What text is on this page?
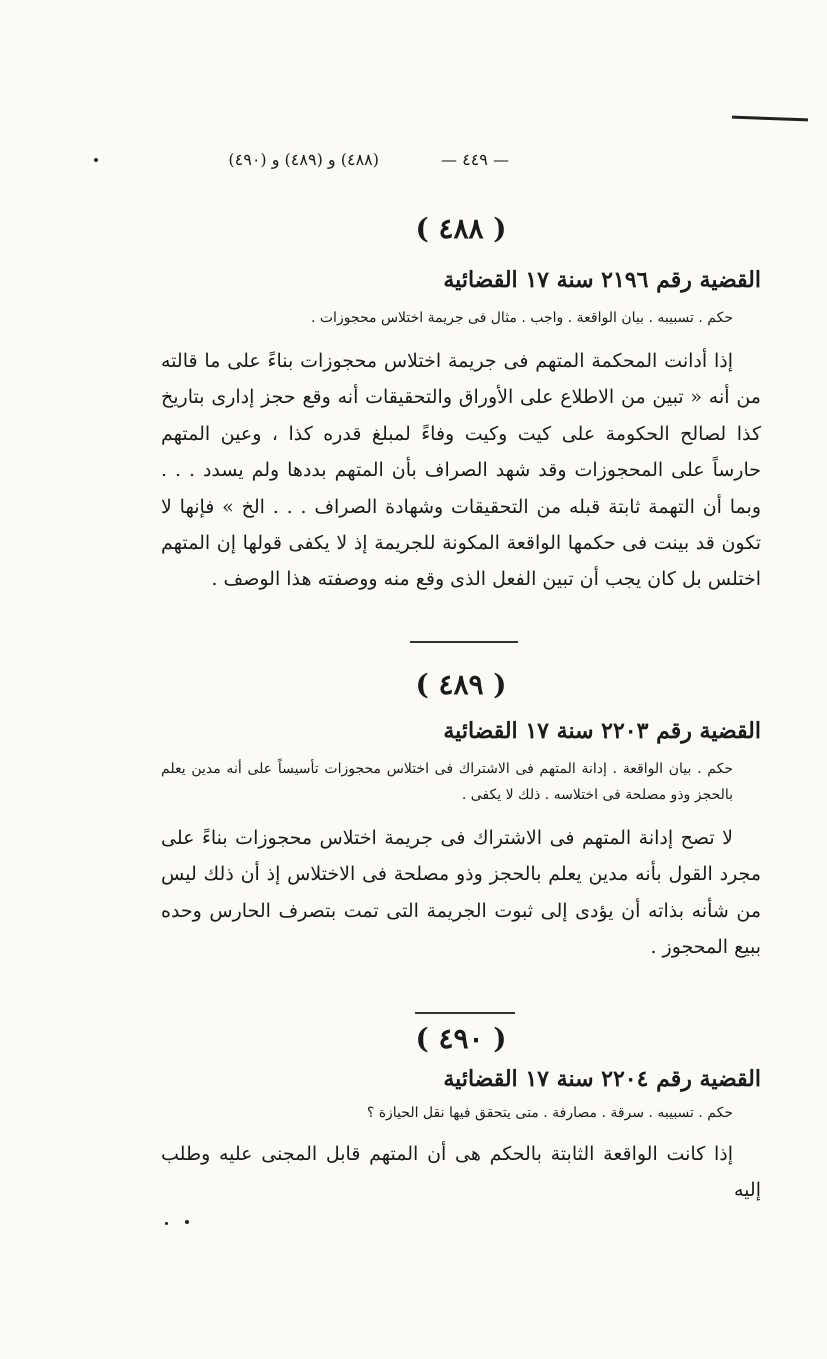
(٤٨٨) و (٤٨٩) و (٤٩٠)	— ٤٤٩ —
( ٤٨٨ )

القضية رقم ٢١٩٦ سنة ١٧ القضائية

حكم . تسبيبه . بيان الواقعة . واجب . مثال فى جريمة اختلاس محجوزات .

إذا أدانت المحكمة المتهم فى جريمة اختلاس محجوزات بناءً على ما قالته من أنه « تبين من الاطلاع على الأوراق والتحقيقات أنه وقع حجز إدارى بتاريخ كذا لصالح الحكومة على كيت وكيت وفاءً لمبلغ قدره كذا ، وعين المتهم حارساً على المحجوزات وقد شهد الصراف بأن المتهم بددها ولم يسدد . . . وبما أن التهمة ثابتة قبله من التحقيقات وشهادة الصراف . . . الخ » فإنها لا تكون قد بينت فى حكمها الواقعة المكونة للجريمة إذ لا يكفى قولها إن المتهم اختلس بل كان يجب أن تبين الفعل الذى وقع منه ووصفته هذا الوصف .

( ٤٨٩ )

القضية رقم ٢٢٠٣ سنة ١٧ القضائية

حكم . بيان الواقعة . إدانة المتهم فى الاشتراك فى اختلاس محجوزات تأسيساً على أنه مدين يعلم بالحجز وذو مصلحة فى اختلاسه . ذلك لا يكفى .

لا تصح إدانة المتهم فى الاشتراك فى جريمة اختلاس محجوزات بناءً على مجرد القول بأنه مدين يعلم بالحجز وذو مصلحة فى الاختلاس إذ أن ذلك ليس من شأنه بذاته أن يؤدى إلى ثبوت الجريمة التى تمت بتصرف الحارس وحده ببيع المحجوز .

( ٤٩٠ )

القضية رقم ٢٢٠٤ سنة ١٧ القضائية

حكم . تسبيبه . سرقة . مصارفة . متى يتحقق فيها نقل الحيازة ؟

إذا كانت الواقعة الثابتة بالحكم هى أن المتهم قابل المجنى عليه وطلب إليه
